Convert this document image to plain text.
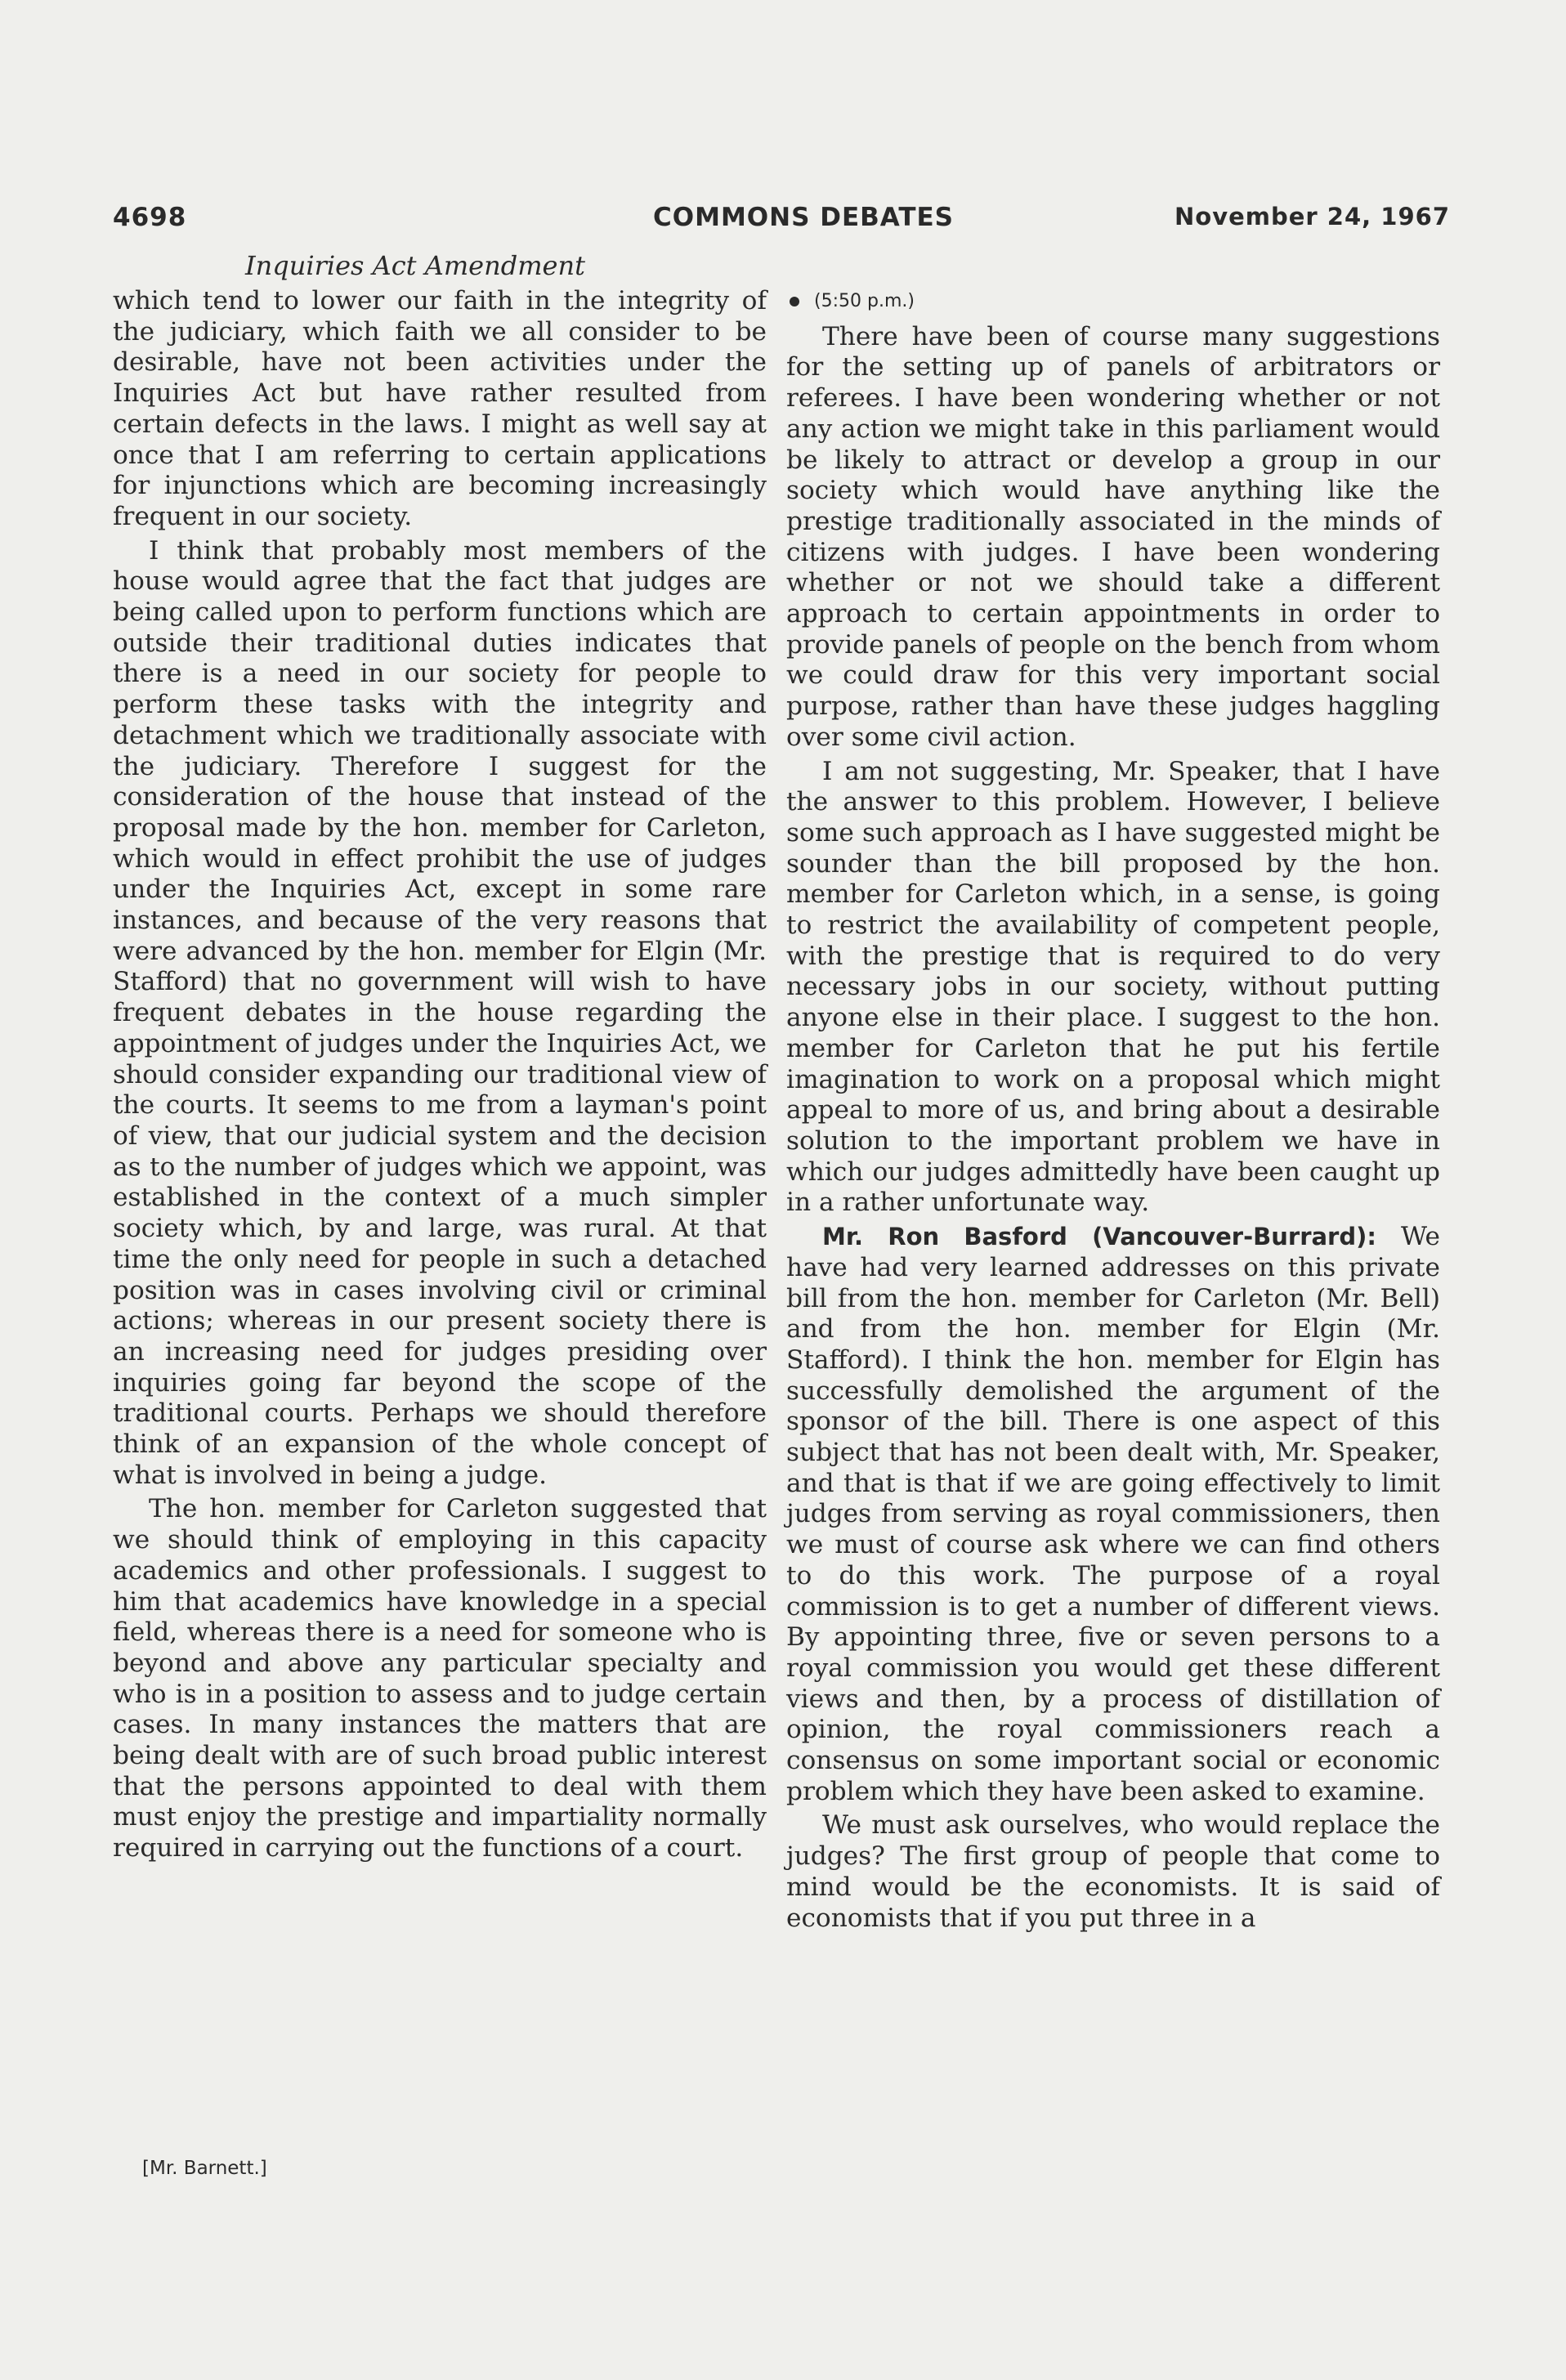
4698	COMMONS DEBATES	November 24, 1967
Inquiries Act Amendment

which tend to lower our faith in the integrity of the judiciary, which faith we all consider to be desirable, have not been activities under the Inquiries Act but have rather resulted from certain defects in the laws. I might as well say at once that I am referring to certain applications for injunctions which are becoming increasingly frequent in our society.

I think that probably most members of the house would agree that the fact that judges are being called upon to perform functions which are outside their traditional duties indicates that there is a need in our society for people to perform these tasks with the integrity and detachment which we traditionally associate with the judiciary. Therefore I suggest for the consideration of the house that instead of the proposal made by the hon. member for Carleton, which would in effect prohibit the use of judges under the Inquiries Act, except in some rare instances, and because of the very reasons that were advanced by the hon. member for Elgin (Mr. Stafford) that no government will wish to have frequent debates in the house regarding the appointment of judges under the Inquiries Act, we should consider expanding our traditional view of the courts. It seems to me from a layman's point of view, that our judicial system and the decision as to the number of judges which we appoint, was established in the context of a much simpler society which, by and large, was rural. At that time the only need for people in such a detached position was in cases involving civil or criminal actions; whereas in our present society there is an increasing need for judges presiding over inquiries going far beyond the scope of the traditional courts. Perhaps we should therefore think of an expansion of the whole concept of what is involved in being a judge.

The hon. member for Carleton suggested that we should think of employing in this capacity academics and other professionals. I suggest to him that academics have knowledge in a special field, whereas there is a need for someone who is beyond and above any particular specialty and who is in a position to assess and to judge certain cases. In many instances the matters that are being dealt with are of such broad public interest that the persons appointed to deal with them must enjoy the prestige and impartiality normally required in carrying out the functions of a court.

(5:50 p.m.)

There have been of course many suggestions for the setting up of panels of arbitrators or referees. I have been wondering whether or not any action we might take in this parliament would be likely to attract or develop a group in our society which would have anything like the prestige traditionally associated in the minds of citizens with judges. I have been wondering whether or not we should take a different approach to certain appointments in order to provide panels of people on the bench from whom we could draw for this very important social purpose, rather than have these judges haggling over some civil action.

I am not suggesting, Mr. Speaker, that I have the answer to this problem. However, I believe some such approach as I have suggested might be sounder than the bill proposed by the hon. member for Carleton which, in a sense, is going to restrict the availability of competent people, with the prestige that is required to do very necessary jobs in our society, without putting anyone else in their place. I suggest to the hon. member for Carleton that he put his fertile imagination to work on a proposal which might appeal to more of us, and bring about a desirable solution to the important problem we have in which our judges admittedly have been caught up in a rather unfortunate way.

Mr. Ron Basford (Vancouver-Burrard): We have had very learned addresses on this private bill from the hon. member for Carleton (Mr. Bell) and from the hon. member for Elgin (Mr. Stafford). I think the hon. member for Elgin has successfully demolished the argument of the sponsor of the bill. There is one aspect of this subject that has not been dealt with, Mr. Speaker, and that is that if we are going effectively to limit judges from serving as royal commissioners, then we must of course ask where we can find others to do this work. The purpose of a royal commission is to get a number of different views. By appointing three, five or seven persons to a royal commission you would get these different views and then, by a process of distillation of opinion, the royal commissioners reach a consensus on some important social or economic problem which they have been asked to examine.

We must ask ourselves, who would replace the judges? The first group of people that come to mind would be the economists. It is said of economists that if you put three in a

[Mr. Barnett.]
